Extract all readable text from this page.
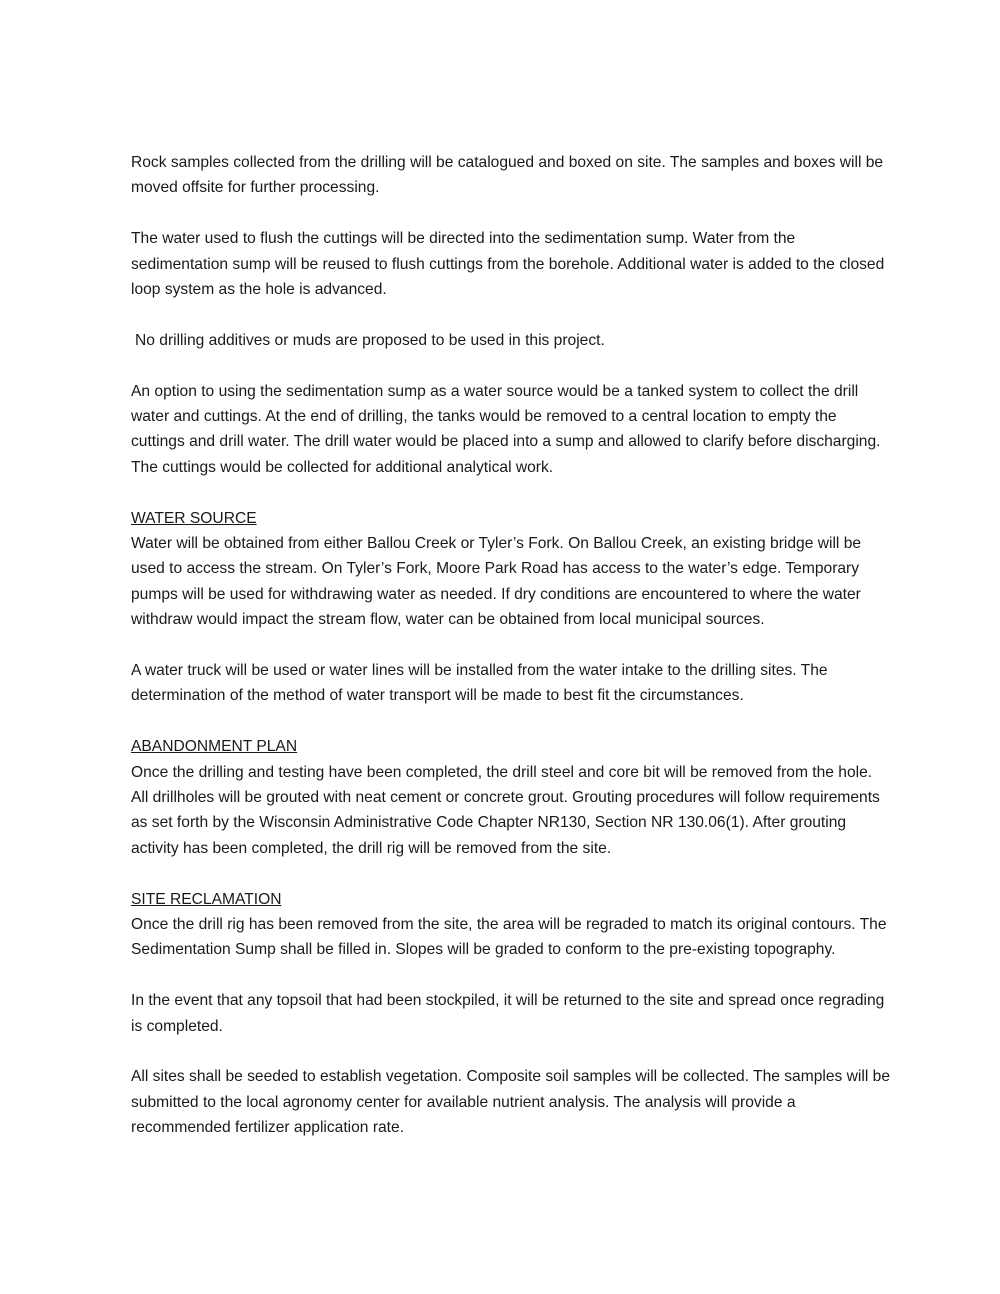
Rock samples collected from the drilling will be catalogued and boxed on site. The samples and boxes will be moved offsite for further processing.

The water used to flush the cuttings will be directed into the sedimentation sump. Water from the sedimentation sump will be reused to flush cuttings from the borehole. Additional water is added to the closed loop system as the hole is advanced.

No drilling additives or muds are proposed to be used in this project.

An option to using the sedimentation sump as a water source would be a tanked system to collect the drill water and cuttings. At the end of drilling, the tanks would be removed to a central location to empty the cuttings and drill water. The drill water would be placed into a sump and allowed to clarify before discharging. The cuttings would be collected for additional analytical work.

WATER SOURCE

Water will be obtained from either Ballou Creek or Tyler’s Fork. On Ballou Creek, an existing bridge will be used to access the stream. On Tyler’s Fork, Moore Park Road has access to the water’s edge. Temporary pumps will be used for withdrawing water as needed. If dry conditions are encountered to where the water withdraw would impact the stream flow, water can be obtained from local municipal sources.

A water truck will be used or water lines will be installed from the water intake to the drilling sites. The determination of the method of water transport will be made to best fit the circumstances.

ABANDONMENT PLAN

Once the drilling and testing have been completed, the drill steel and core bit will be removed from the hole. All drillholes will be grouted with neat cement or concrete grout. Grouting procedures will follow requirements as set forth by the Wisconsin Administrative Code Chapter NR130, Section NR 130.06(1). After grouting activity has been completed, the drill rig will be removed from the site.

SITE RECLAMATION

Once the drill rig has been removed from the site, the area will be regraded to match its original contours. The Sedimentation Sump shall be filled in. Slopes will be graded to conform to the pre-existing topography.

In the event that any topsoil that had been stockpiled, it will be returned to the site and spread once regrading is completed.

All sites shall be seeded to establish vegetation. Composite soil samples will be collected. The samples will be submitted to the local agronomy center for available nutrient analysis. The analysis will provide a recommended fertilizer application rate.
